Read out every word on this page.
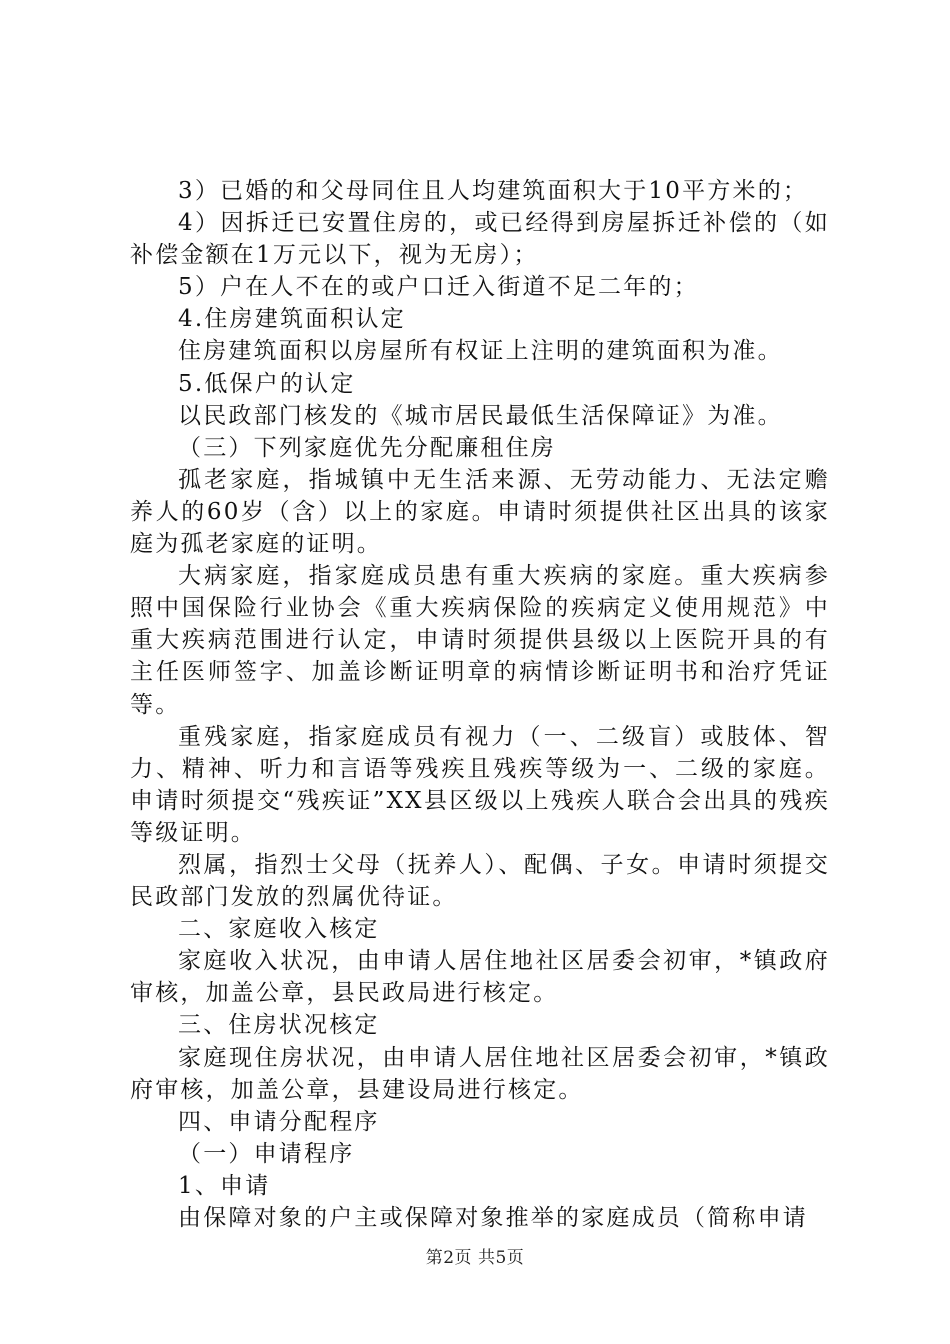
3）已婚的和父母同住且人均建筑面积大于10平方米的；

4）因拆迁已安置住房的，或已经得到房屋拆迁补偿的（如补偿金额在1万元以下，视为无房）；

5）户在人不在的或户口迁入街道不足二年的；

4.住房建筑面积认定

住房建筑面积以房屋所有权证上注明的建筑面积为准。

5.低保户的认定

以民政部门核发的《城市居民最低生活保障证》为准。

（三）下列家庭优先分配廉租住房

孤老家庭，指城镇中无生活来源、无劳动能力、无法定赡养人的60岁（含）以上的家庭。申请时须提供社区出具的该家庭为孤老家庭的证明。

大病家庭，指家庭成员患有重大疾病的家庭。重大疾病参照中国保险行业协会《重大疾病保险的疾病定义使用规范》中重大疾病范围进行认定，申请时须提供县级以上医院开具的有主任医师签字、加盖诊断证明章的病情诊断证明书和治疗凭证等。

重残家庭，指家庭成员有视力（一、二级盲）或肢体、智力、精神、听力和言语等残疾且残疾等级为一、二级的家庭。申请时须提交“残疾证”XX县区级以上残疾人联合会出具的残疾等级证明。

烈属，指烈士父母（抚养人）、配偶、子女。申请时须提交民政部门发放的烈属优待证。

二、家庭收入核定

家庭收入状况，由申请人居住地社区居委会初审，*镇政府审核，加盖公章，县民政局进行核定。

三、住房状况核定

家庭现住房状况，由申请人居住地社区居委会初审，*镇政府审核，加盖公章，县建设局进行核定。

四、申请分配程序

（一）申请程序

1、申请

由保障对象的户主或保障对象推举的家庭成员（简称申请

第2页 共5页
